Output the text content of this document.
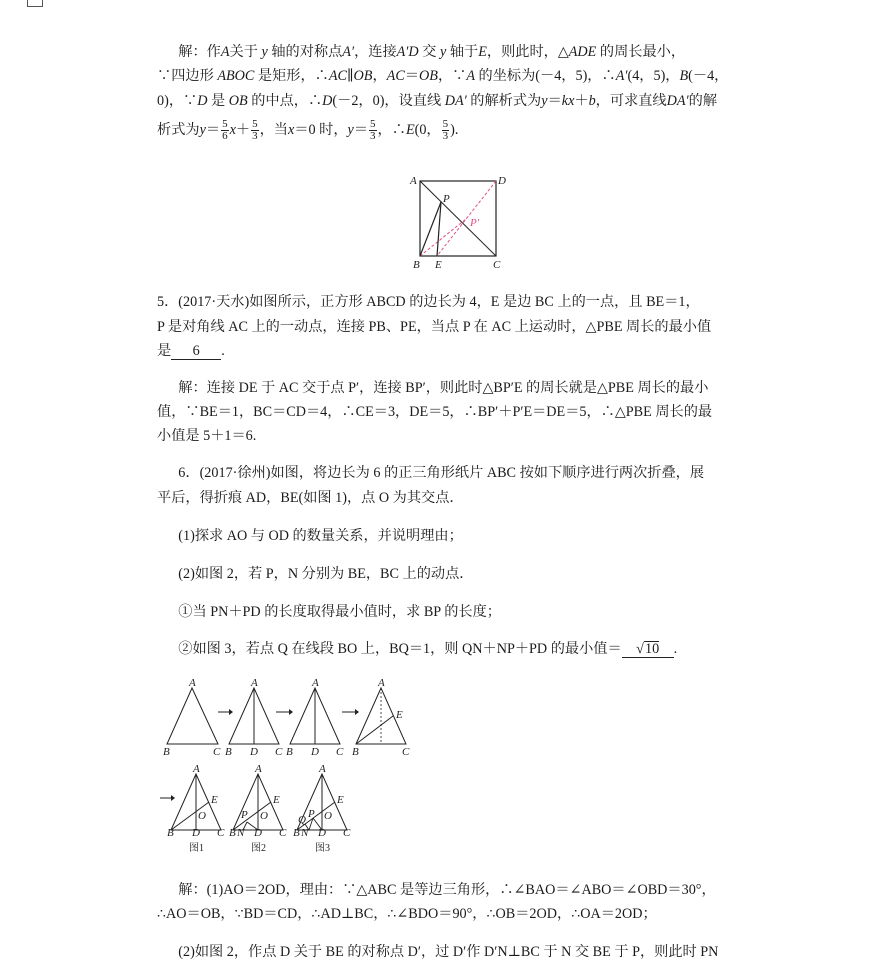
  解：作A关于 y 轴的对称点A′，连接A′D 交 y 轴于E，则此时，△ADE 的周长最小，

∵四边形 ABOC 是矩形，∴AC∥OB，AC＝OB，∵A 的坐标为(－4，5)，∴A′(4，5)，B(－4，

0)，∵D 是 OB 的中点，∴D(－2，0)，设直线 DA′ 的解析式为y＝kx＋b，可求直线DA′的解

析式为$y= \frac{5}{6} x+ \frac{5}{3}$ ，当x＝0 时，$y= \frac{5}{3}$ ，∴E(0， $\frac{5}{3}$ ).

A	D
P
P′
B E	C

5．(2017·天水)如图所示，正方形 ABCD 的边长为 4，E 是边 BC 上的一点，且 BE＝1，

P 是对角线 AC 上的一动点，连接 PB、PE，当点 P 在 AC 上运动时，△PBE 周长的最小值

是 6 .

  解：连接 DE 于 AC 交于点 P′，连接 BP′，则此时△BP′E 的周长就是△PBE 周长的最小

值，∵BE＝1，BC＝CD＝4，∴CE＝3，DE＝5，∴BP′＋P′E＝DE＝5，∴△PBE 周长的最

小值是 5＋1＝6.

  6．(2017·徐州)如图，将边长为 6 的正三角形纸片 ABC 按如下顺序进行两次折叠，展

平后，得折痕 AD，BE(如图 1)，点 O 为其交点．

  (1)探求 AO 与 OD 的数量关系，并说明理由；

  (2)如图 2，若 P，N 分别为 BE，BC 上的动点．

  ①当 PN＋PD 的长度取得最小值时，求 BP 的长度；

  ②如图 3，若点 Q 在线段 BO 上，BQ＝1，则 QN＋NP＋PD 的最小值＝ √10 .

A
B	C
A
B D C
A
B D C
A
E
B	C
A
E
O
B D C
图1
A
E
P O
B N D C
图2
A
E
Q P O
B N D C
图3

  解：(1)AO＝2OD，理由：∵△ABC 是等边三角形，∴∠BAO＝∠ABO＝∠OBD＝30°，

∴AO＝OB，∵BD＝CD，∴AD⊥BC，∴∠BDO＝90°，∴OB＝2OD，∴OA＝2OD；

  (2)如图 2，作点 D 关于 BE 的对称点 D′，过 D′作 D′N⊥BC 于 N 交 BE 于 P，则此时 PN
